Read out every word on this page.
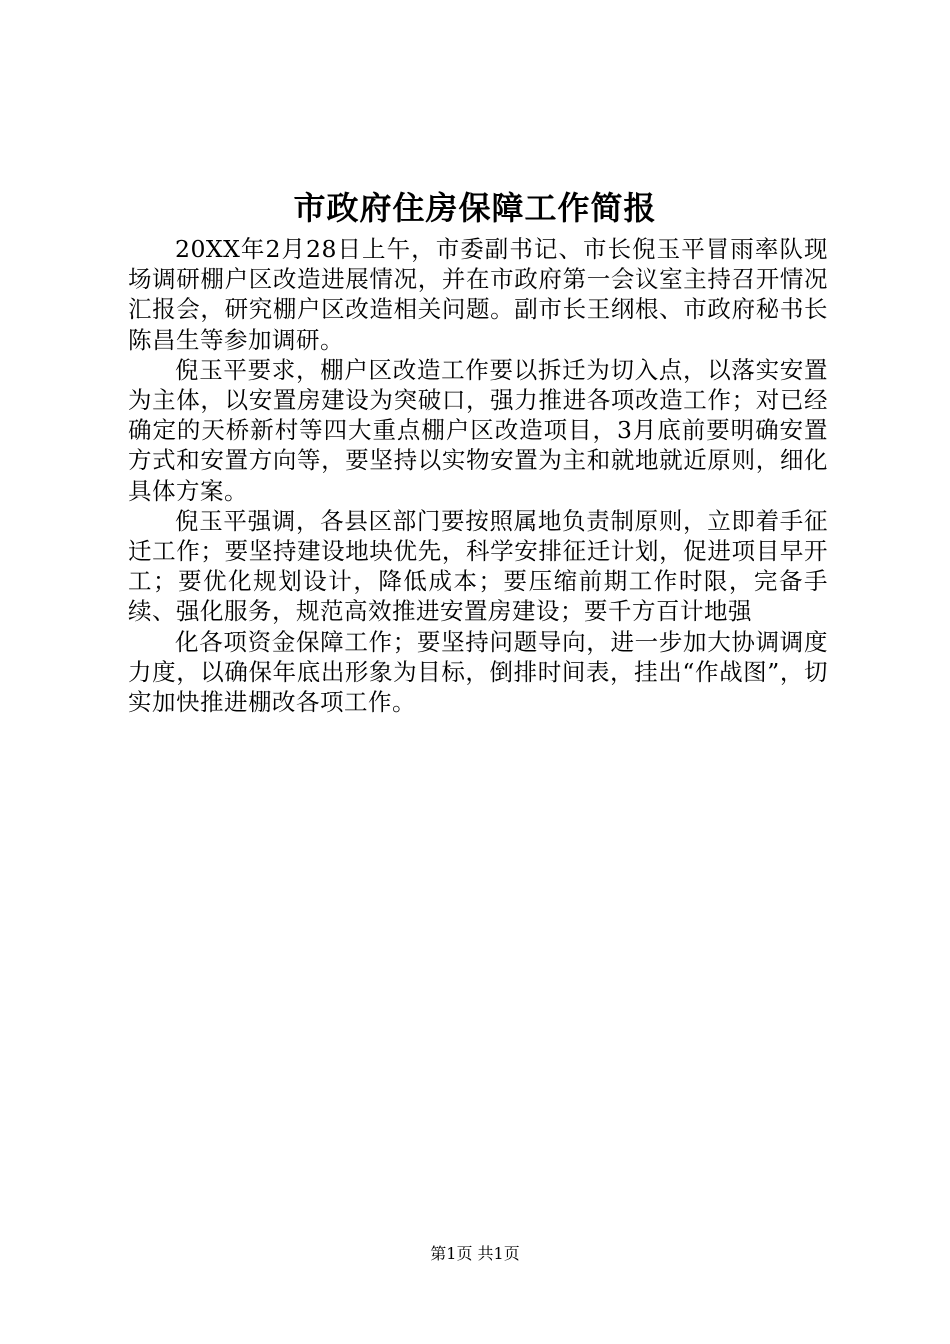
市政府住房保障工作简报

20XX年2月28日上午，市委副书记、市长倪玉平冒雨率队现场调研棚户区改造进展情况，并在市政府第一会议室主持召开情况汇报会，研究棚户区改造相关问题。副市长王纲根、市政府秘书长陈昌生等参加调研。

倪玉平要求，棚户区改造工作要以拆迁为切入点，以落实安置为主体，以安置房建设为突破口，强力推进各项改造工作；对已经确定的天桥新村等四大重点棚户区改造项目，3月底前要明确安置方式和安置方向等，要坚持以实物安置为主和就地就近原则，细化具体方案。

倪玉平强调，各县区部门要按照属地负责制原则，立即着手征迁工作；要坚持建设地块优先，科学安排征迁计划，促进项目早开工；要优化规划设计，降低成本；要压缩前期工作时限，完备手续、强化服务，规范高效推进安置房建设；要千方百计地强

化各项资金保障工作；要坚持问题导向，进一步加大协调调度力度，以确保年底出形象为目标，倒排时间表，挂出“作战图”，切实加快推进棚改各项工作。

第1页 共1页
